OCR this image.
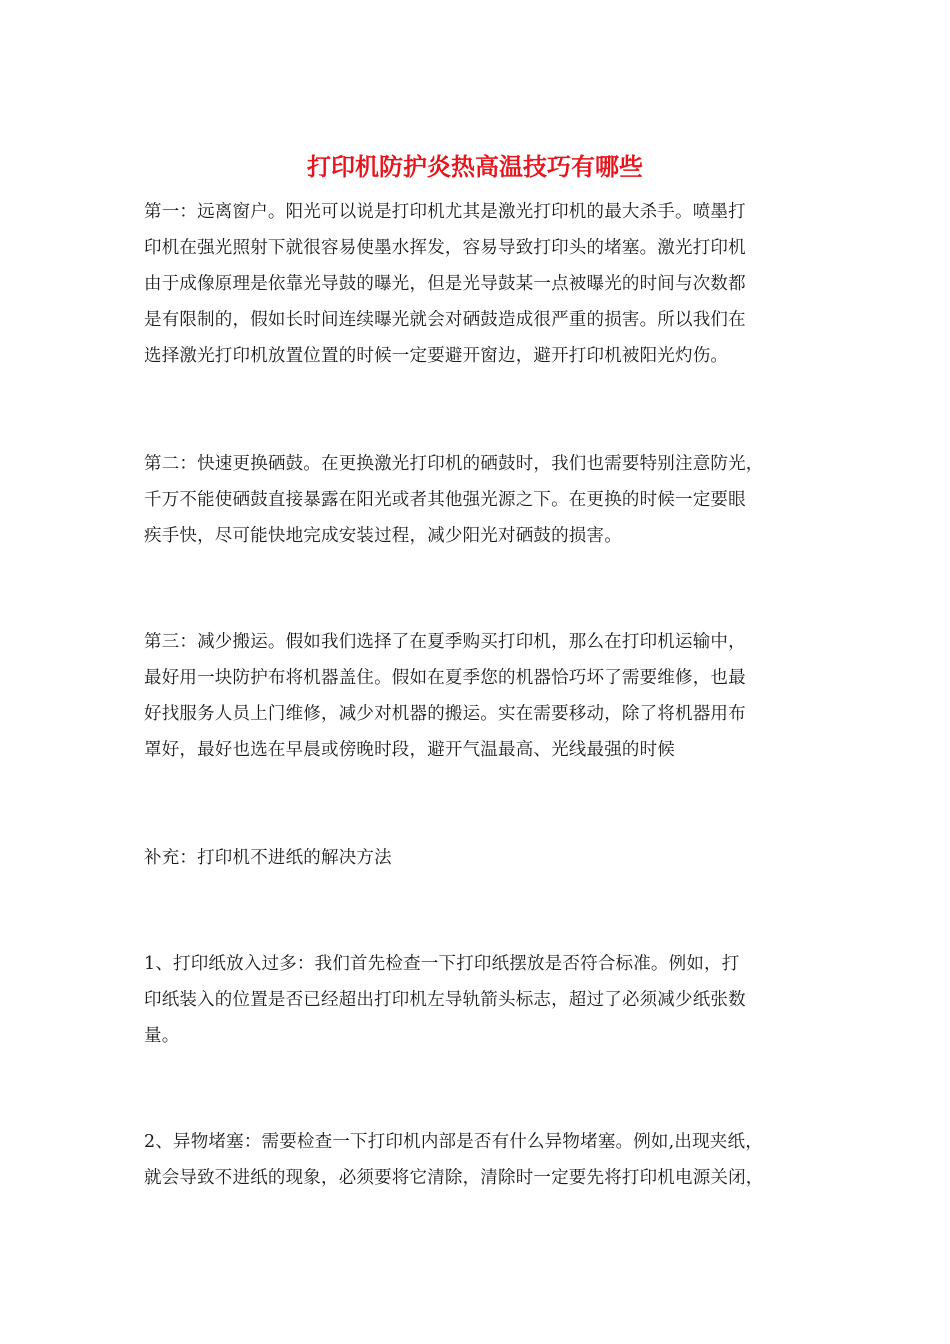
打印机防护炎热高温技巧有哪些

第一：远离窗户。阳光可以说是打印机尤其是激光打印机的最大杀手。喷墨打

印机在强光照射下就很容易使墨水挥发，容易导致打印头的堵塞。激光打印机

由于成像原理是依靠光导鼓的曝光，但是光导鼓某一点被曝光的时间与次数都

是有限制的，假如长时间连续曝光就会对硒鼓造成很严重的损害。所以我们在

选择激光打印机放置位置的时候一定要避开窗边，避开打印机被阳光灼伤。

第二：快速更换硒鼓。在更换激光打印机的硒鼓时，我们也需要特别注意防光，

千万不能使硒鼓直接暴露在阳光或者其他强光源之下。在更换的时候一定要眼

疾手快，尽可能快地完成安装过程，减少阳光对硒鼓的损害。

第三：减少搬运。假如我们选择了在夏季购买打印机，那么在打印机运输中，

最好用一块防护布将机器盖住。假如在夏季您的机器恰巧坏了需要维修，也最

好找服务人员上门维修，减少对机器的搬运。实在需要移动，除了将机器用布

罩好，最好也选在早晨或傍晚时段，避开气温最高、光线最强的时候

补充：打印机不进纸的解决方法

1、打印纸放入过多：我们首先检查一下打印纸摆放是否符合标准。例如，打

印纸装入的位置是否已经超出打印机左导轨箭头标志，超过了必须减少纸张数

量。

2、异物堵塞：需要检查一下打印机内部是否有什么异物堵塞。例如,出现夹纸，

就会导致不进纸的现象，必须要将它清除，清除时一定要先将打印机电源关闭，
